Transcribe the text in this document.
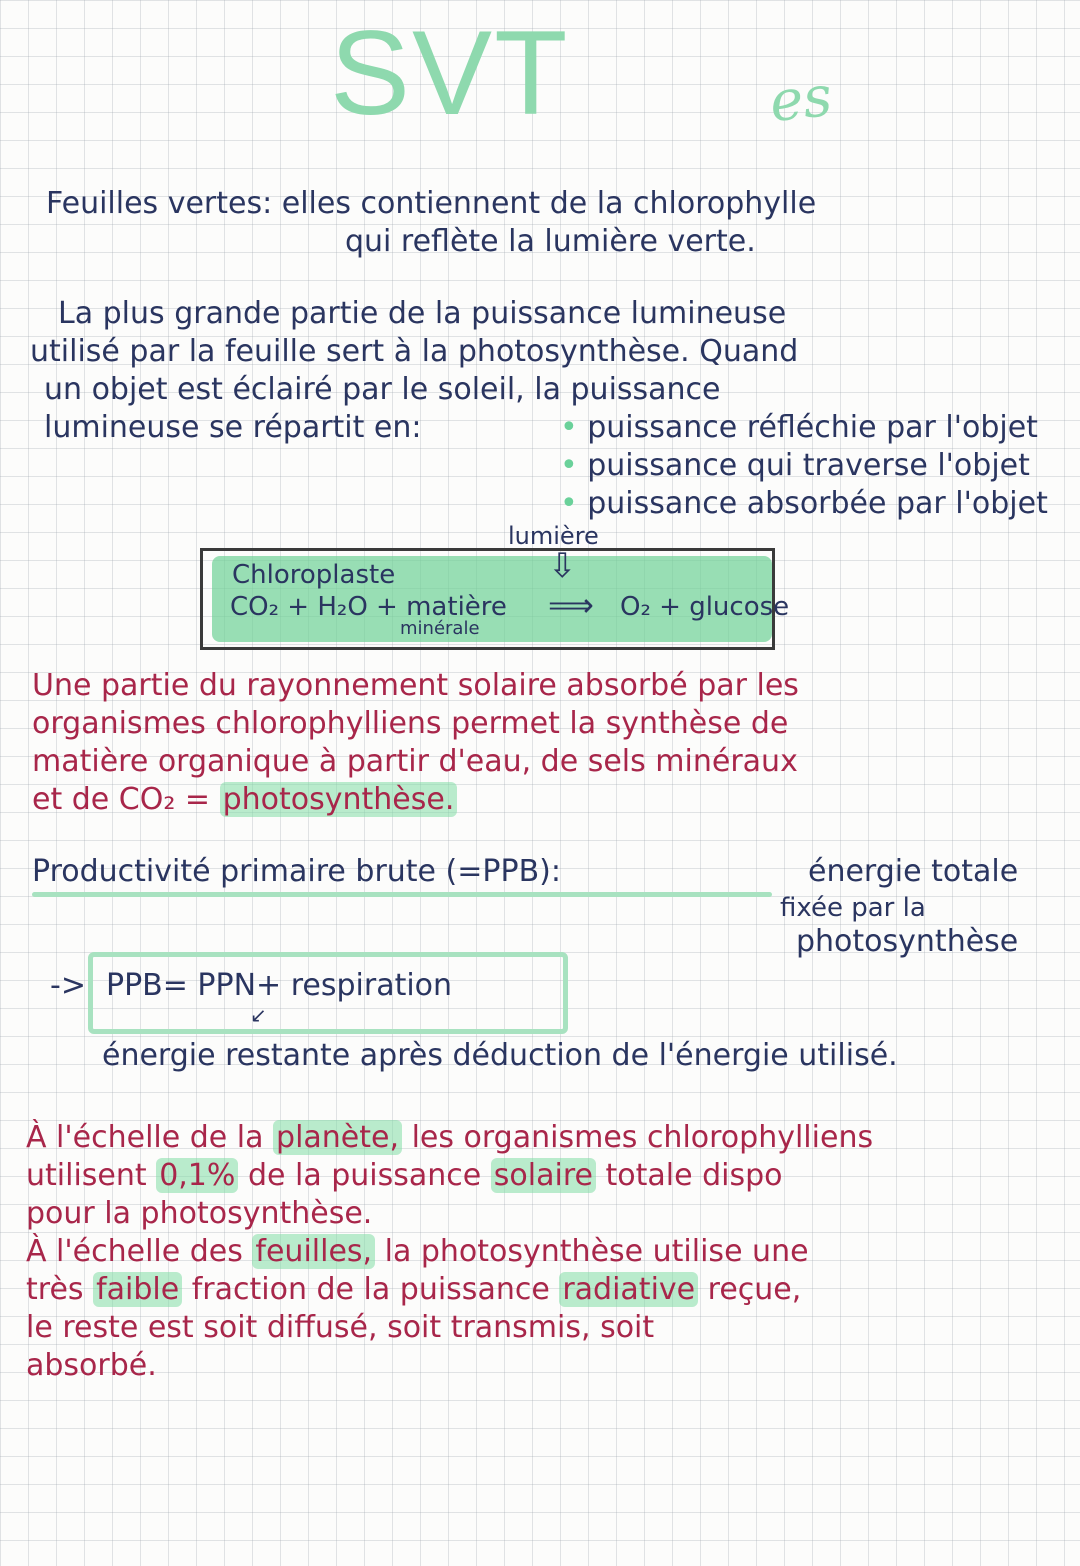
SVT	es
Feuilles vertes: elles contiennent de la chlorophylle
qui reflète la lumière verte.
La plus grande partie de la puissance lumineuse
utilisé par la feuille sert à la photosynthèse. Quand
un objet est éclairé par le soleil, la puissance
lumineuse se répartit en:	• puissance réfléchie par l'objet
• puissance qui traverse l'objet
• puissance absorbée par l'objet
lumière
⇩
Chloroplaste
CO₂ + H₂O + matière
minérale
⟹ O₂ + glucose
Une partie du rayonnement solaire absorbé par les
organismes chlorophylliens permet la synthèse de
matière organique à partir d'eau, de sels minéraux
et de CO₂ = photosynthèse.
Productivité primaire brute (=PPB):	énergie totale
fixée par la
photosynthèse
-> PPB= PPN+ respiration
↙
énergie restante après déduction de l'énergie utilisé.
À l'échelle de la planète, les organismes chlorophylliens
utilisent 0,1% de la puissance solaire totale dispo
pour la photosynthèse.
À l'échelle des feuilles, la photosynthèse utilise une
très faible fraction de la puissance radiative reçue,
le reste est soit diffusé, soit transmis, soit
absorbé.
